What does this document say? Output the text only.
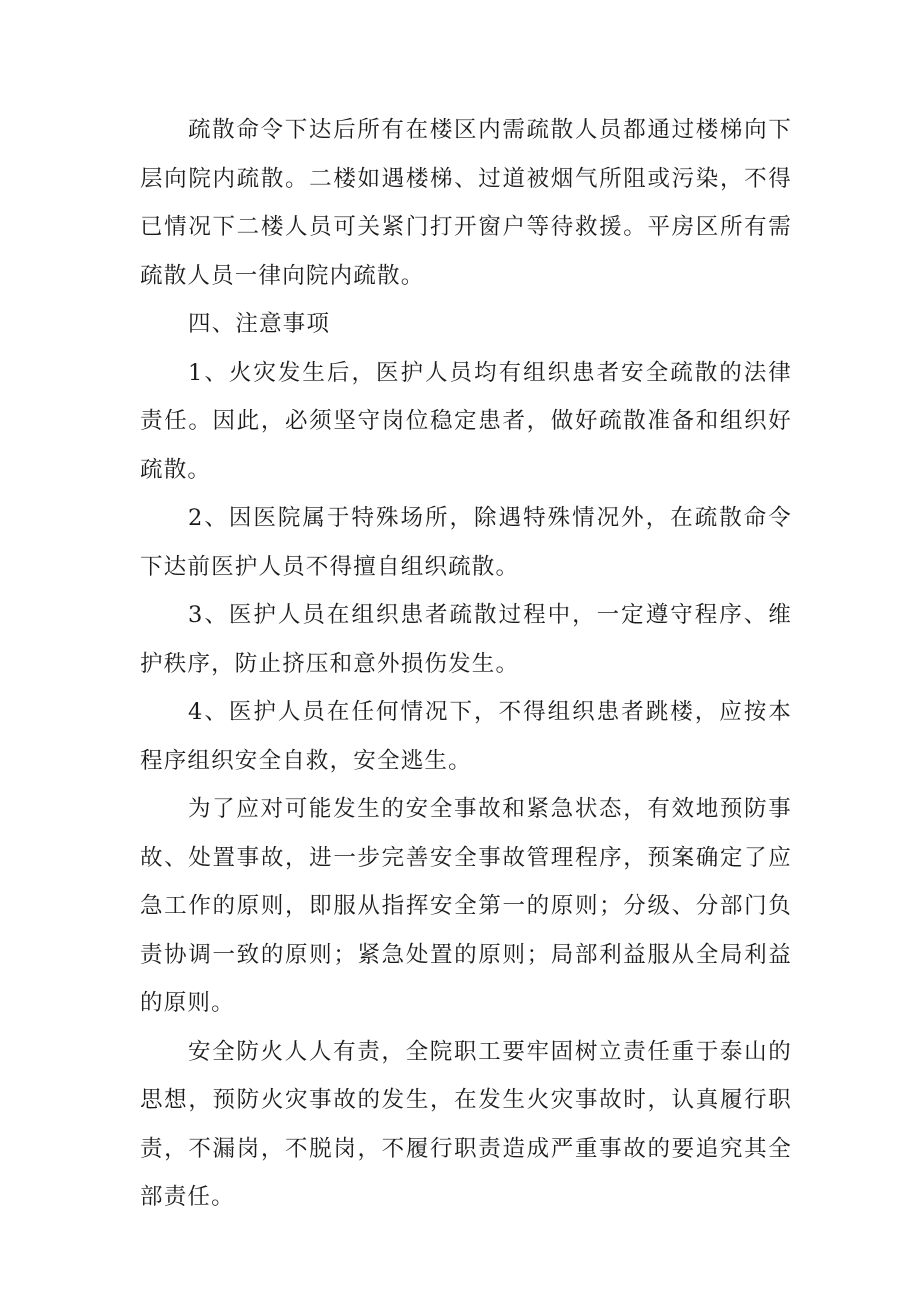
疏散命令下达后所有在楼区内需疏散人员都通过楼梯向下层向院内疏散。二楼如遇楼梯、过道被烟气所阻或污染，不得已情况下二楼人员可关紧门打开窗户等待救援。平房区所有需疏散人员一律向院内疏散。

四、注意事项

1、火灾发生后，医护人员均有组织患者安全疏散的法律责任。因此，必须坚守岗位稳定患者，做好疏散准备和组织好疏散。

2、因医院属于特殊场所，除遇特殊情况外，在疏散命令下达前医护人员不得擅自组织疏散。

3、医护人员在组织患者疏散过程中，一定遵守程序、维护秩序，防止挤压和意外损伤发生。

4、医护人员在任何情况下，不得组织患者跳楼，应按本程序组织安全自救，安全逃生。

为了应对可能发生的安全事故和紧急状态，有效地预防事故、处置事故，进一步完善安全事故管理程序，预案确定了应急工作的原则，即服从指挥安全第一的原则；分级、分部门负责协调一致的原则；紧急处置的原则；局部利益服从全局利益的原则。

安全防火人人有责，全院职工要牢固树立责任重于泰山的思想，预防火灾事故的发生，在发生火灾事故时，认真履行职责，不漏岗，不脱岗，不履行职责造成严重事故的要追究其全部责任。
